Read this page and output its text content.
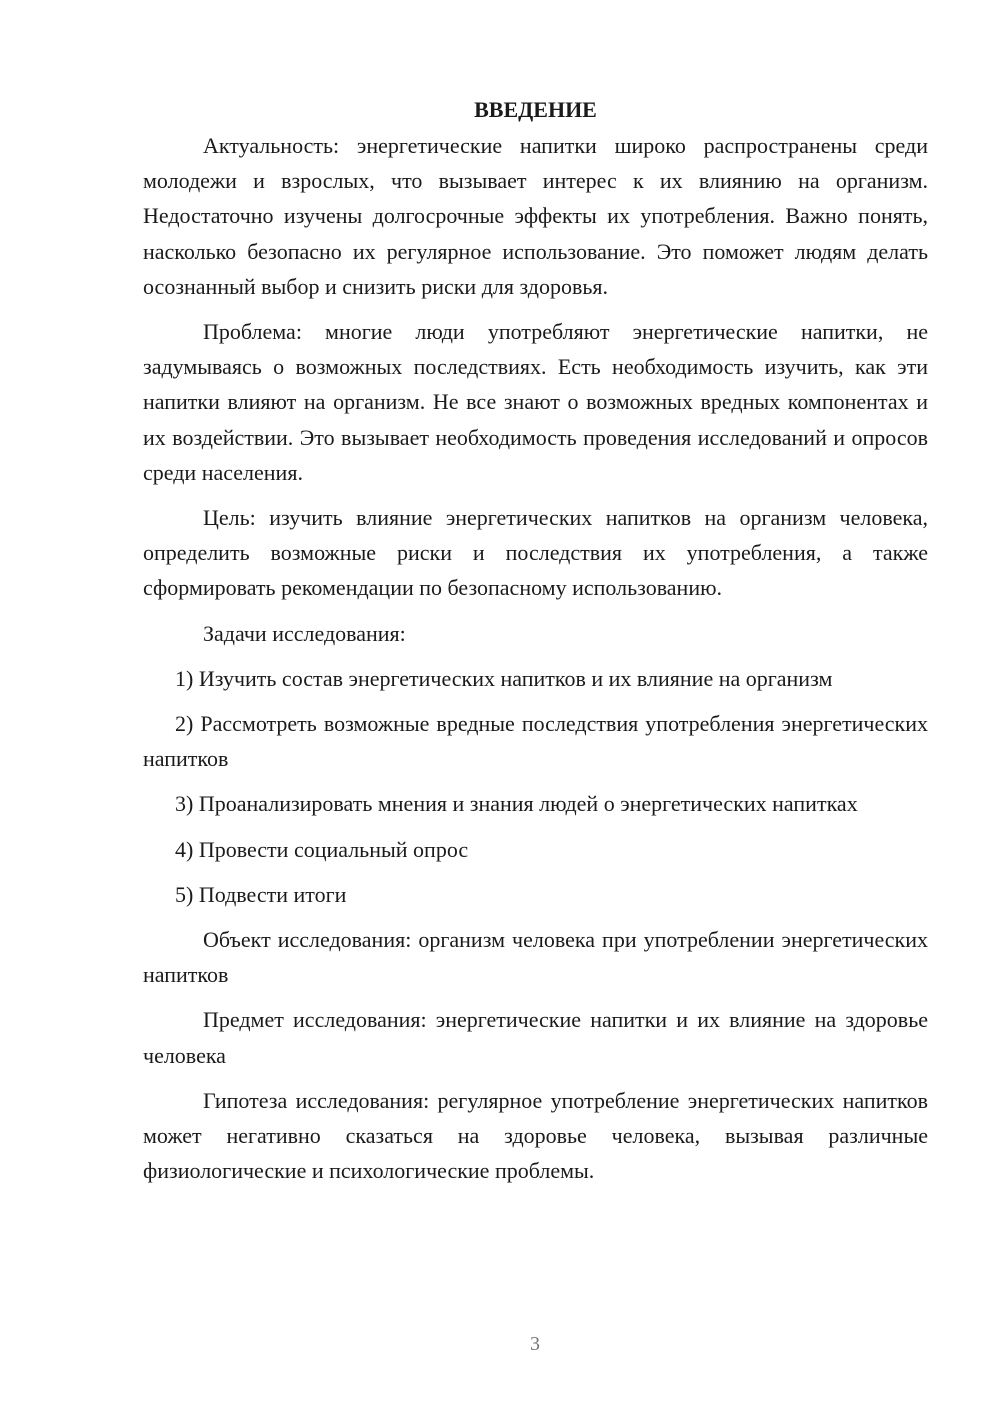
ВВЕДЕНИЕ

Актуальность: энергетические напитки широко распространены среди молодежи и взрослых, что вызывает интерес к их влиянию на организм. Недостаточно изучены долгосрочные эффекты их употребления. Важно понять, насколько безопасно их регулярное использование. Это поможет людям делать осознанный выбор и снизить риски для здоровья.

Проблема: многие люди употребляют энергетические напитки, не задумываясь о возможных последствиях. Есть необходимость изучить, как эти напитки влияют на организм. Не все знают о возможных вредных компонентах и их воздействии. Это вызывает необходимость проведения исследований и опросов среди населения.

Цель: изучить влияние энергетических напитков на организм человека, определить возможные риски и последствия их употребления, а также сформировать рекомендации по безопасному использованию.

Задачи исследования:

1) Изучить состав энергетических напитков и их влияние на организм

2) Рассмотреть возможные вредные последствия употребления энергетических напитков

3) Проанализировать мнения и знания людей о энергетических напитках

4) Провести социальный опрос

5) Подвести итоги

Объект исследования: организм человека при употреблении энергетических напитков

Предмет исследования: энергетические напитки и их влияние на здоровье человека

Гипотеза исследования: регулярное употребление энергетических напитков может негативно сказаться на здоровье человека, вызывая различные физиологические и психологические проблемы.

3
